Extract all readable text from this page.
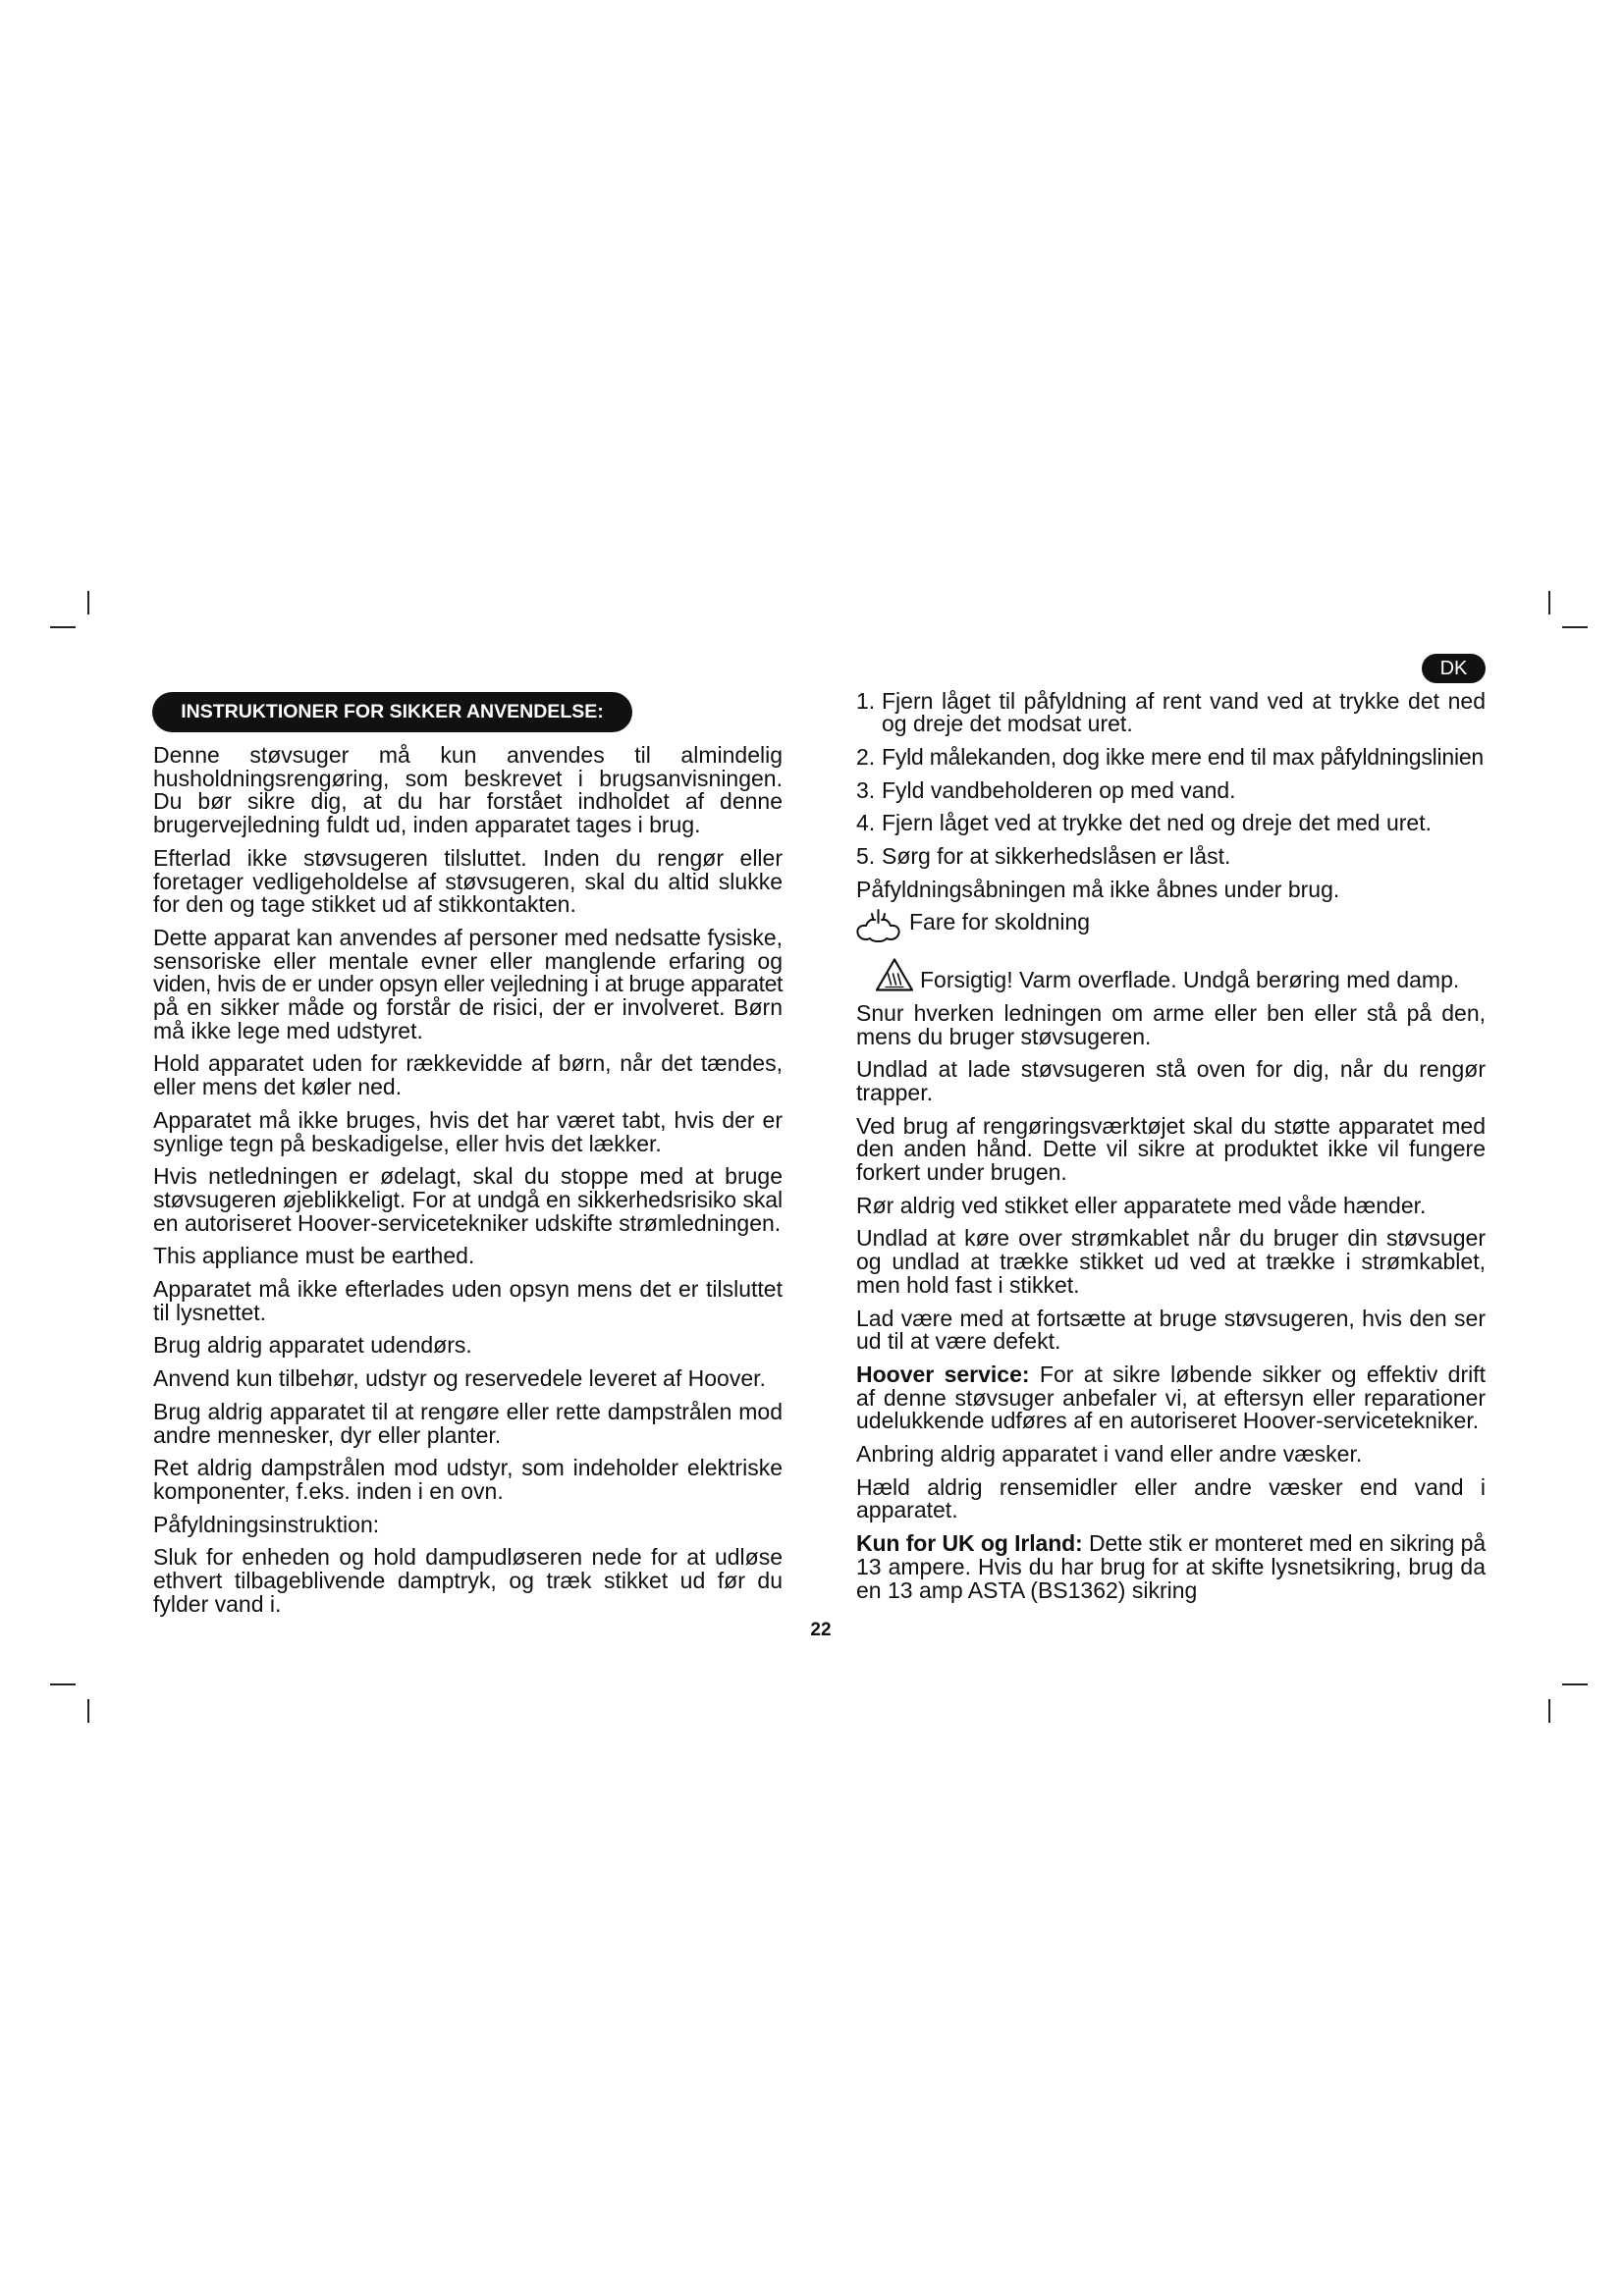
DK
INSTRUKTIONER FOR SIKKER ANVENDELSE:
Denne støvsuger må kun anvendes til almindelig
husholdningsrengøring, som beskrevet i brugsanvisningen.
Du bør sikre dig, at du har forstået indholdet af denne
brugervejledning fuldt ud, inden apparatet tages i brug.
Efterlad ikke støvsugeren tilsluttet. Inden du rengør eller
foretager vedligeholdelse af støvsugeren, skal du altid slukke
for den og tage stikket ud af stikkontakten.
Dette apparat kan anvendes af personer med nedsatte fysiske,
sensoriske eller mentale evner eller manglende erfaring og
viden, hvis de er under opsyn eller vejledning i at bruge apparatet
på en sikker måde og forstår de risici, der er involveret. Børn
må ikke lege med udstyret.
Hold apparatet uden for rækkevidde af børn, når det tændes,
eller mens det køler ned.
Apparatet må ikke bruges, hvis det har været tabt, hvis der er
synlige tegn på beskadigelse, eller hvis det lækker.
Hvis netledningen er ødelagt, skal du stoppe med at bruge
støvsugeren øjeblikkeligt. For at undgå en sikkerhedsrisiko skal
en autoriseret Hoover-servicetekniker udskifte strømledningen.
This appliance must be earthed.
Apparatet må ikke efterlades uden opsyn mens det er tilsluttet
til lysnettet.
Brug aldrig apparatet udendørs.
Anvend kun tilbehør, udstyr og reservedele leveret af Hoover.
Brug aldrig apparatet til at rengøre eller rette dampstrålen mod
andre mennesker, dyr eller planter.
Ret aldrig dampstrålen mod udstyr, som indeholder elektriske
komponenter, f.eks. inden i en ovn.
Påfyldningsinstruktion:
Sluk for enheden og hold dampudløseren nede for at udløse
ethvert tilbageblivende damptryk, og træk stikket ud før du
fylder vand i.
1. Fjern låget til påfyldning af rent vand ved at trykke det ned
og dreje det modsat uret.
2. Fyld målekanden, dog ikke mere end til max påfyldningslinien
3. Fyld vandbeholderen op med vand.
4. Fjern låget ved at trykke det ned og dreje det med uret.
5. Sørg for at sikkerhedslåsen er låst.
Påfyldningsåbningen må ikke åbnes under brug.
Fare for skoldning
Forsigtig! Varm overflade. Undgå berøring med damp.
Snur hverken ledningen om arme eller ben eller stå på den,
mens du bruger støvsugeren.
Undlad at lade støvsugeren stå oven for dig, når du rengør
trapper.
Ved brug af rengøringsværktøjet skal du støtte apparatet med
den anden hånd. Dette vil sikre at produktet ikke vil fungere
forkert under brugen.
Rør aldrig ved stikket eller apparatete med våde hænder.
Undlad at køre over strømkablet når du bruger din støvsuger
og undlad at trække stikket ud ved at trække i strømkablet,
men hold fast i stikket.
Lad være med at fortsætte at bruge støvsugeren, hvis den ser
ud til at være defekt.
Hoover service: For at sikre løbende sikker og effektiv drift
af denne støvsuger anbefaler vi, at eftersyn eller reparationer
udelukkende udføres af en autoriseret Hoover-servicetekniker.
Anbring aldrig apparatet i vand eller andre væsker.
Hæld aldrig rensemidler eller andre væsker end vand i
apparatet.
Kun for UK og Irland: Dette stik er monteret med en sikring på
13 ampere. Hvis du har brug for at skifte lysnetsikring, brug da
en 13 amp ASTA (BS1362) sikring
22
